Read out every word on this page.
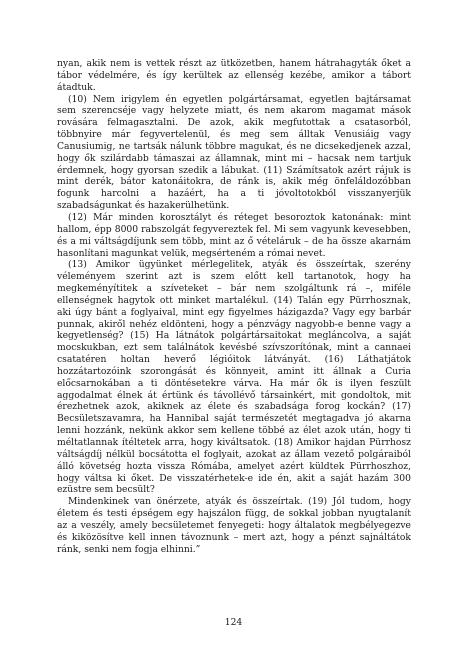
nyan, akik nem is vettek részt az ütközetben, hanem hátrahagyták őket a tábor védelmére, és így kerültek az ellenség kezébe, amikor a tábort átadtuk.

(10) Nem irigylem én egyetlen polgártársamat, egyetlen bajtársamat sem szerencséje vagy helyzete miatt, és nem akarom magamat mások rovására felmagasztalni. De azok, akik megfutottak a csatasorból, többnyire már fegyvertelenül, és meg sem álltak Venusiáig vagy Canusiumig, ne tartsák nálunk többre magukat, és ne dicsekedjenek azzal, hogy ők szilárdabb támaszai az államnak, mint mi – hacsak nem tartjuk érdemnek, hogy gyorsan szedik a lábukat. (11) Számítsatok azért rájuk is mint derék, bátor katonáitokra, de ránk is, akik még önfeláldozóbban fogunk harcolni a hazáért, ha a ti jóvoltotokból visszanyerjük szabadságunkat és hazakerülhetünk.

(12) Már minden korosztályt és réteget besoroztok katonának: mint hallom, épp 8000 rabszolgát fegyvereztek fel. Mi sem vagyunk kevesebben, és a mi váltságdíjunk sem több, mint az ő vételáruk – de ha össze akarnám hasonlítani magunkat velük, megsérteném a római nevet.

(13) Amikor ügyünket mérlegelitek, atyák és összeírtak, szerény véleményem szerint azt is szem előtt kell tartanotok, hogy ha megkeményítitek a szíveteket – bár nem szolgáltunk rá –, miféle ellenségnek hagytok ott minket martalékul. (14) Talán egy Pürrhosznak, aki úgy bánt a foglyaival, mint egy figyelmes házigazda? Vagy egy barbár punnak, akiről nehéz eldönteni, hogy a pénzvágy nagyobb-e benne vagy a kegyetlenség? (15) Ha látnátok polgártársaitokat megláncolva, a saját mocskukban, ezt sem találnátok kevésbé szívszorítónak, mint a cannaei csatatéren holtan heverő légióitok látványát. (16) Láthatjátok hozzátartozóink szorongását és könnyeit, amint itt állnak a Curia előcsarnokában a ti döntésetekre várva. Ha már ők is ilyen feszült aggodalmat élnek át értünk és távollévő társainkért, mit gondoltok, mit érezhetnek azok, akiknek az élete és szabadsága forog kockán? (17) Becsületszavamra, ha Hannibal saját természetét megtagadva jó akarna lenni hozzánk, nekünk akkor sem kellene többé az élet azok után, hogy ti méltatlannak ítéltetek arra, hogy kiváltsatok. (18) Amikor hajdan Pürrhosz váltságdíj nélkül bocsátotta el foglyait, azokat az állam vezető polgáraiból álló követség hozta vissza Rómába, amelyet azért küldtek Pürrhoszhoz, hogy váltsa ki őket. De visszatérhetek-e ide én, akit a saját hazám 300 ezüstre sem becsült?

Mindenkinek van önérzete, atyák és összeírtak. (19) Jól tudom, hogy életem és testi épségem egy hajszálon függ, de sokkal jobban nyugtalanít az a veszély, amely becsületemet fenyegeti: hogy általatok megbélyegezve és kiközösítve kell innen távoznunk – mert azt, hogy a pénzt sajnáltátok ránk, senki nem fogja elhinni.”

124
